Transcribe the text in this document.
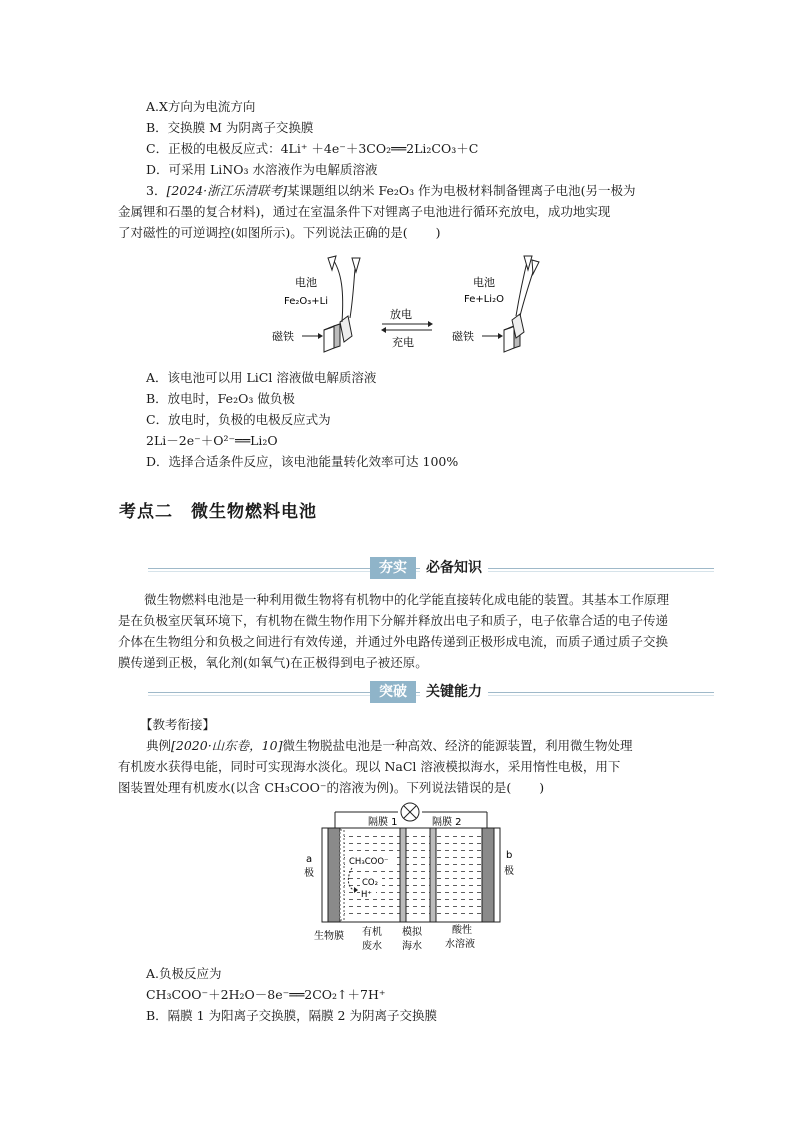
A.X方向为电流方向
B．交换膜 M 为阴离子交换膜
C．正极的电极反应式：4Li⁺ ＋4e⁻＋3CO₂══2Li₂CO₃＋C
D．可采用 LiNO₃ 水溶液作为电解质溶液
3．[2024·浙江乐清联考]某课题组以纳米 Fe₂O₃ 作为电极材料制备锂离子电池(另一极为
金属锂和石墨的复合材料)，通过在室温条件下对锂离子电池进行循环充放电，成功地实现
了对磁性的可逆调控(如图所示)。下列说法正确的是( )
电池
Fe₂O₃+Li
磁铁
放电
充电
电池
Fe+Li₂O
磁铁
A．该电池可以用 LiCl 溶液做电解质溶液
B．放电时，Fe₂O₃ 做负极
C．放电时，负极的电极反应式为
2Li－2e⁻＋O²⁻══Li₂O
D．选择合适条件反应，该电池能量转化效率可达 100%
考点二　微生物燃料电池
夯实	必备知识
微生物燃料电池是一种利用微生物将有机物中的化学能直接转化成电能的装置。其基本工作原理是在负极室厌氧环境下，有机物在微生物作用下分解并释放出电子和质子，电子依靠合适的电子传递介体在生物组分和负极之间进行有效传递，并通过外电路传递到正极形成电流，而质子通过质子交换膜传递到正极，氧化剂(如氧气)在正极得到电子被还原。
突破	关键能力
【教考衔接】
典例[2020·山东卷，10]微生物脱盐电池是一种高效、经济的能源装置，利用微生物处理
有机废水获得电能，同时可实现海水淡化。现以 NaCl 溶液模拟海水，采用惰性电极，用下
图装置处理有机废水(以含 CH₃COO⁻的溶液为例)。下列说法错误的是( )
隔膜 1	隔膜 2
a
极
b
极
CH₃COO⁻
CO₂
H⁺
生物膜 有机
废水
模拟
海水
酸性
水溶液
A.负极反应为
CH₃COO⁻＋2H₂O－8e⁻══2CO₂↑＋7H⁺
B．隔膜 1 为阳离子交换膜，隔膜 2 为阴离子交换膜
